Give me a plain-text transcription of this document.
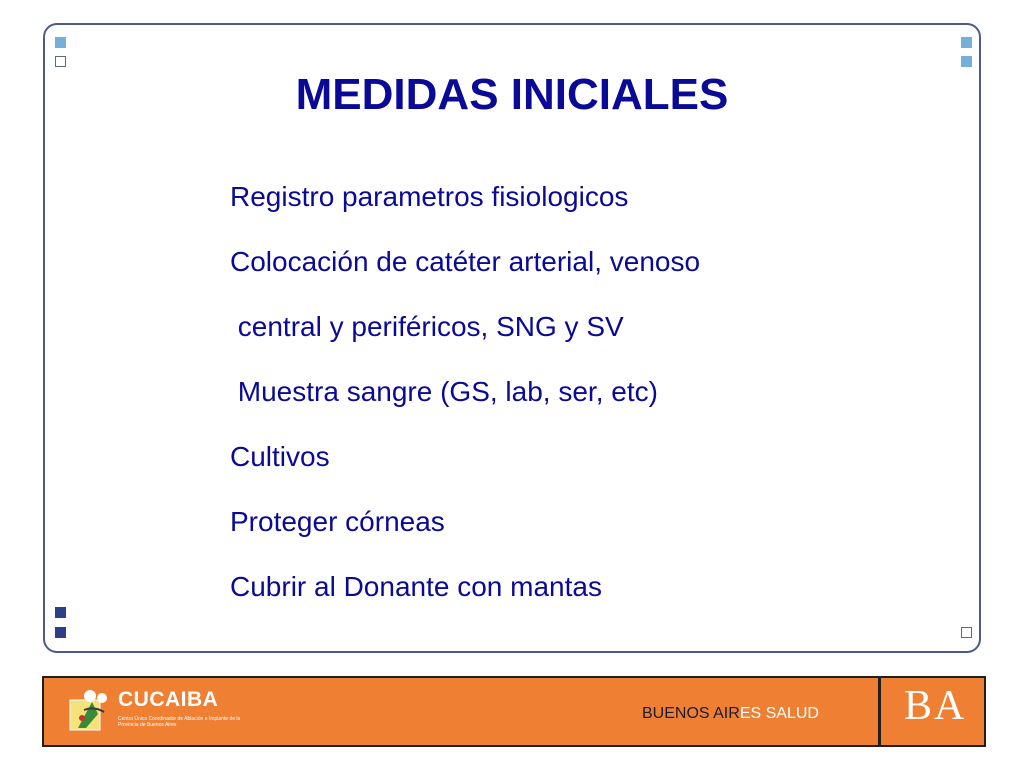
MEDIDAS INICIALES
Registro parametros fisiologicos
Colocación de catéter arterial, venoso
central y periféricos, SNG y SV
Muestra sangre (GS, lab, ser, etc)
Cultivos
Proteger córneas
Cubrir al Donante con mantas
CUCAIBA
Centro Único Coordinador de Ablación e Implante de la Provincia de Buenos Aires
BUENOS AIRES SALUD BA
